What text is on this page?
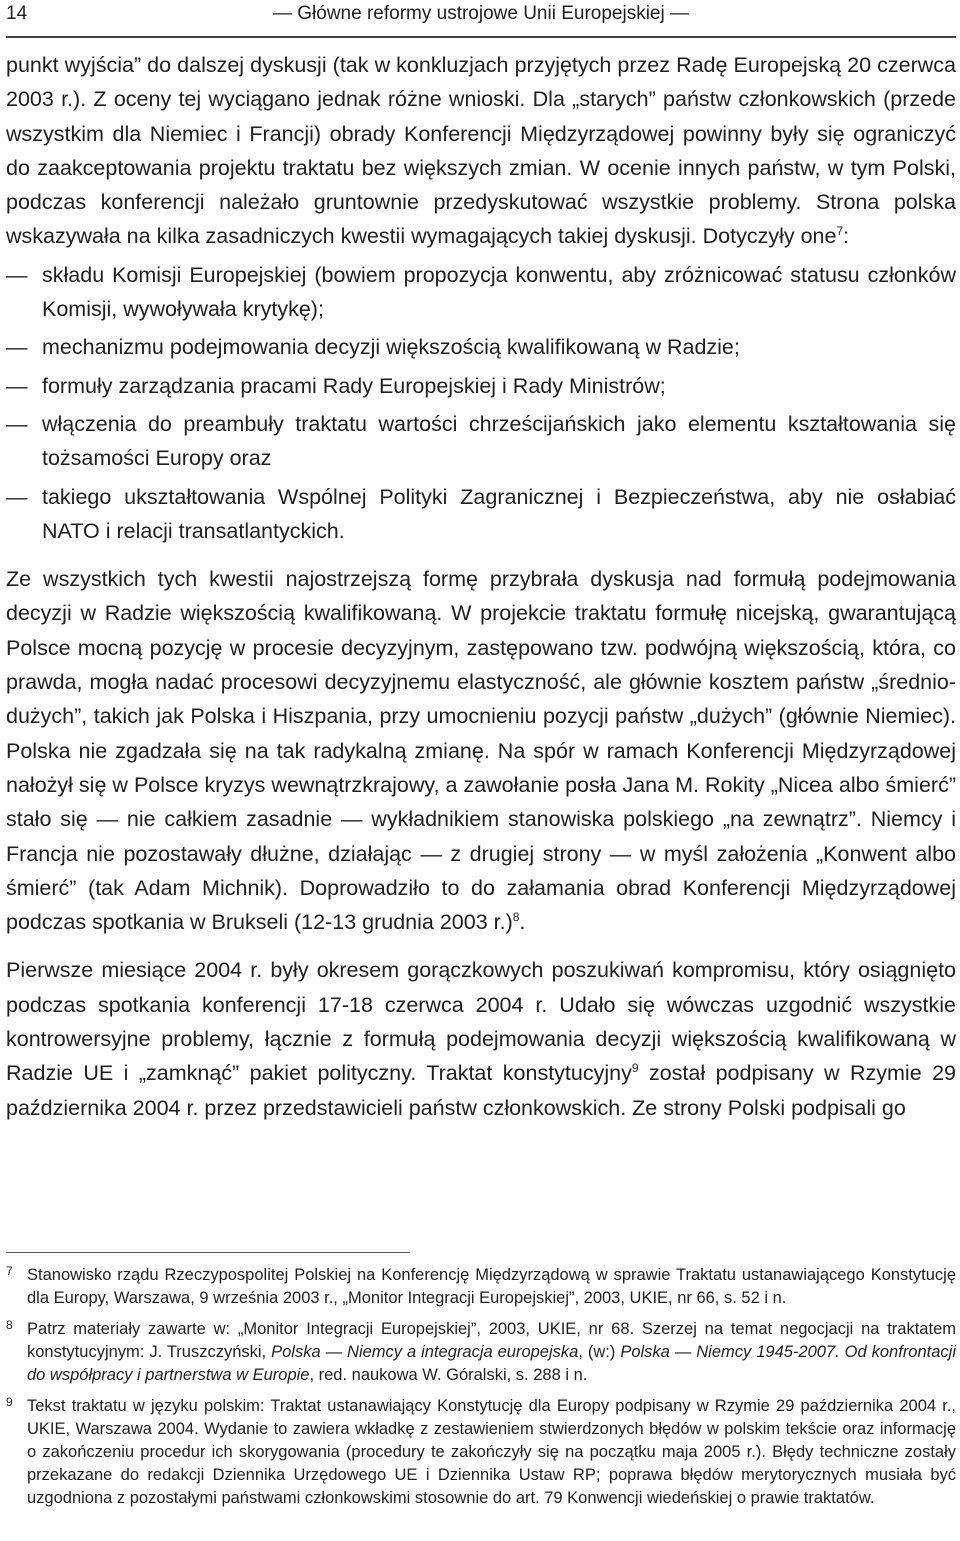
14	— Główne reformy ustrojowe Unii Europejskiej —

punkt wyjścia” do dalszej dyskusji (tak w konkluzjach przyjętych przez Radę Europejską 20 czerwca 2003 r.). Z oceny tej wyciągano jednak różne wnioski. Dla „starych” państw członkowskich (przede wszystkim dla Niemiec i Francji) obrady Konferencji Międzyrządowej powinny były się ograniczyć do zaakceptowania projektu traktatu bez większych zmian. W ocenie innych państw, w tym Polski, podczas konferencji należało gruntownie przedyskutować wszystkie problemy. Strona polska wskazywała na kilka zasadniczych kwestii wymagających takiej dyskusji. Dotyczyły one$^7$:

— składu Komisji Europejskiej (bowiem propozycja konwentu, aby zróżnicować statusu członków Komisji, wywoływała krytykę);
— mechanizmu podejmowania decyzji większością kwalifikowaną w Radzie;
— formuły zarządzania pracami Rady Europejskiej i Rady Ministrów;
— włączenia do preambuły traktatu wartości chrześcijańskich jako elementu kształtowania się tożsamości Europy oraz
— takiego ukształtowania Wspólnej Polityki Zagranicznej i Bezpieczeństwa, aby nie osłabiać NATO i relacji transatlantyckich.

Ze wszystkich tych kwestii najostrzejszą formę przybrała dyskusja nad formułą podejmowania decyzji w Radzie większością kwalifikowaną. W projekcie traktatu formułę nicejską, gwarantującą Polsce mocną pozycję w procesie decyzyjnym, zastępowano tzw. podwójną większością, która, co prawda, mogła nadać procesowi decyzyjnemu elastyczność, ale głównie kosztem państw „średnio-dużych”, takich jak Polska i Hiszpania, przy umocnieniu pozycji państw „dużych” (głównie Niemiec). Polska nie zgadzała się na tak radykalną zmianę. Na spór w ramach Konferencji Międzyrządowej nałożył się w Polsce kryzys wewnątrzkrajowy, a zawołanie posła Jana M. Rokity „Nicea albo śmierć” stało się — nie całkiem zasadnie — wykładnikiem stanowiska polskiego „na zewnątrz”. Niemcy i Francja nie pozostawały dłużne, działając — z drugiej strony — w myśl założenia „Konwent albo śmierć” (tak Adam Michnik). Doprowadziło to do załamania obrad Konferencji Międzyrządowej podczas spotkania w Brukseli (12-13 grudnia 2003 r.)$^8$.

Pierwsze miesiące 2004 r. były okresem gorączkowych poszukiwań kompromisu, który osiągnięto podczas spotkania konferencji 17-18 czerwca 2004 r. Udało się wówczas uzgodnić wszystkie kontrowersyjne problemy, łącznie z formułą podejmowania decyzji większością kwalifikowaną w Radzie UE i „zamknąć” pakiet polityczny. Traktat konstytucyjny$^9$ został podpisany w Rzymie 29 października 2004 r. przez przedstawicieli państw członkowskich. Ze strony Polski podpisali go

7 Stanowisko rządu Rzeczypospolitej Polskiej na Konferencję Międzyrządową w sprawie Traktatu ustanawiającego Konstytucję dla Europy, Warszawa, 9 września 2003 r., „Monitor Integracji Europejskiej”, 2003, UKIE, nr 66, s. 52 i n.
8 Patrz materiały zawarte w: „Monitor Integracji Europejskiej”, 2003, UKIE, nr 68. Szerzej na temat negocjacji na traktatem konstytucyjnym: J. Truszczyński, Polska — Niemcy a integracja europejska, (w:) Polska — Niemcy 1945-2007. Od konfrontacji do współpracy i partnerstwa w Europie, red. naukowa W. Góralski, s. 288 i n.
9 Tekst traktatu w języku polskim: Traktat ustanawiający Konstytucję dla Europy podpisany w Rzymie 29 października 2004 r., UKIE, Warszawa 2004. Wydanie to zawiera wkładkę z zestawieniem stwierdzonych błędów w polskim tekście oraz informację o zakończeniu procedur ich skorygowania (procedury te zakończyły się na początku maja 2005 r.). Błędy techniczne zostały przekazane do redakcji Dziennika Urzędowego UE i Dziennika Ustaw RP; poprawa błędów merytorycznych musiała być uzgodniona z pozostałymi państwami członkowskimi stosownie do art. 79 Konwencji wiedeńskiej o prawie traktatów.
